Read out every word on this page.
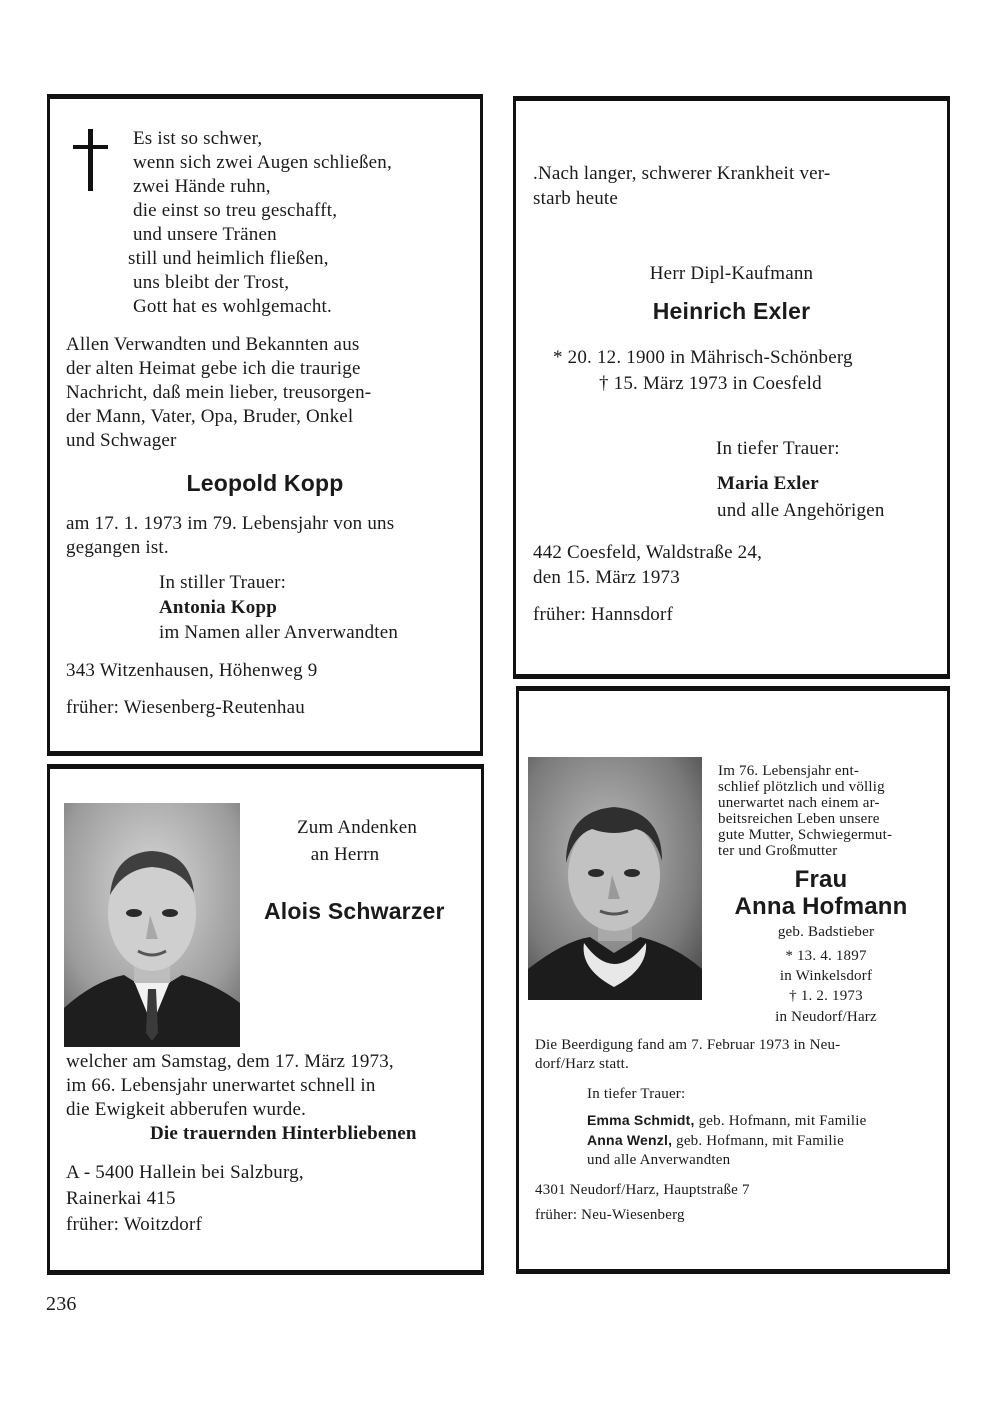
Es ist so schwer,
wenn sich zwei Augen schließen,
zwei Hände ruhn,
die einst so treu geschafft,
und unsere Tränen
still und heimlich fließen,
uns bleibt der Trost,
Gott hat es wohlgemacht.
Allen Verwandten und Bekannten aus
der alten Heimat gebe ich die traurige
Nachricht, daß mein lieber, treusorgen-
der Mann, Vater, Opa, Bruder, Onkel
und Schwager
Leopold Kopp
am 17. 1. 1973 im 79. Lebensjahr von uns
gegangen ist.
In stiller Trauer:
Antonia Kopp
im Namen aller Anverwandten
343 Witzenhausen, Höhenweg 9
früher: Wiesenberg-Reutenhau
.Nach langer, schwerer Krankheit ver-
starb heute
Herr Dipl-Kaufmann
Heinrich Exler
* 20. 12. 1900 in Mährisch-Schönberg
† 15. März 1973 in Coesfeld
In tiefer Trauer:
Maria Exler
und alle Angehörigen
442 Coesfeld, Waldstraße 24,
den 15. März 1973
früher: Hannsdorf
Zum Andenken
an Herrn
Alois Schwarzer
welcher am Samstag, dem 17. März 1973,
im 66. Lebensjahr unerwartet schnell in
die Ewigkeit abberufen wurde.
Die trauernden Hinterbliebenen
A - 5400 Hallein bei Salzburg,
Rainerkai 415
früher: Woitzdorf
Im 76. Lebensjahr ent-
schlief plötzlich und völlig
unerwartet nach einem ar-
beitsreichen Leben unsere
gute Mutter, Schwiegermut-
ter und Großmutter
Frau
Anna Hofmann
geb. Badstieber
* 13. 4. 1897
in Winkelsdorf
† 1. 2. 1973
in Neudorf/Harz
Die Beerdigung fand am 7. Februar 1973 in Neu-
dorf/Harz statt.
In tiefer Trauer:
Emma Schmidt, geb. Hofmann, mit Familie
Anna Wenzl, geb. Hofmann, mit Familie
und alle Anverwandten
4301 Neudorf/Harz, Hauptstraße 7
früher: Neu-Wiesenberg
236
